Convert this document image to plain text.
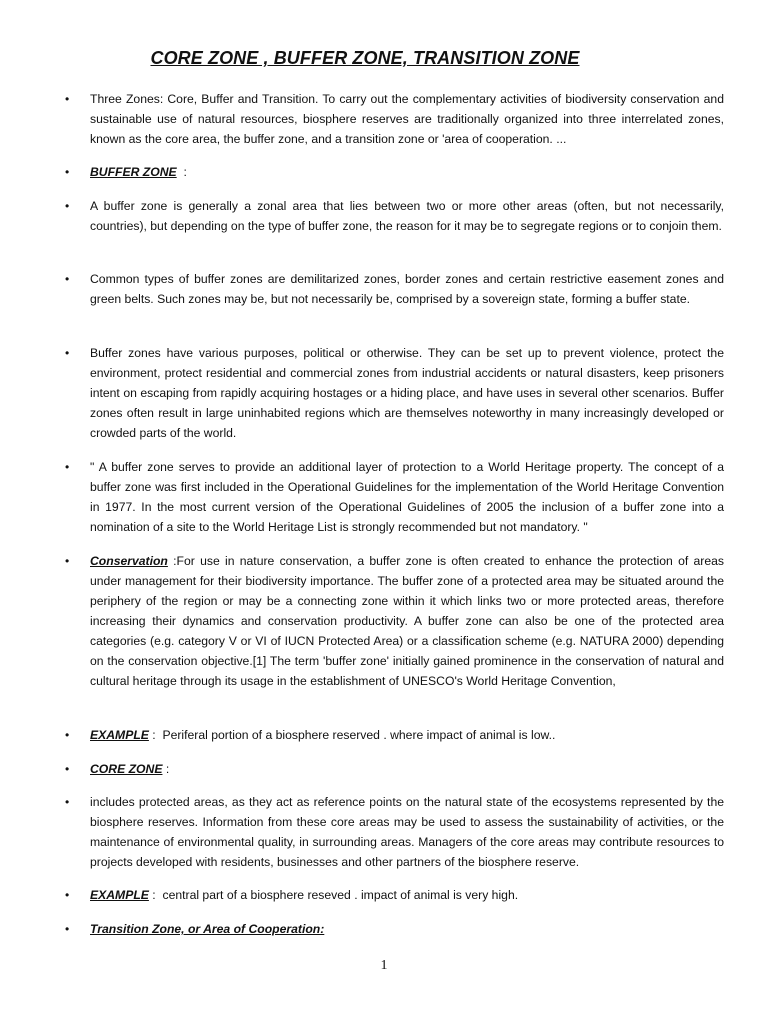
CORE ZONE , BUFFER ZONE, TRANSITION ZONE
•	Three Zones: Core, Buffer and Transition. To carry out the complementary activities of biodiversity conservation and sustainable use of natural resources, biosphere reserves are traditionally organized into three interrelated zones, known as the core area, the buffer zone, and a transition zone or 'area of cooperation. ...
•	BUFFER ZONE  :
•	A buffer zone is generally a zonal area that lies between two or more other areas (often, but not necessarily, countries), but depending on the type of buffer zone, the reason for it may be to segregate regions or to conjoin them.
•	Common types of buffer zones are demilitarized zones, border zones and certain restrictive easement zones and green belts. Such zones may be, but not necessarily be, comprised by a sovereign state, forming a buffer state.
•	Buffer zones have various purposes, political or otherwise. They can be set up to prevent violence, protect the environment, protect residential and commercial zones from industrial accidents or natural disasters, keep prisoners intent on escaping from rapidly acquiring hostages or a hiding place, and have uses in several other scenarios. Buffer zones often result in large uninhabited regions which are themselves noteworthy in many increasingly developed or crowded parts of the world.
•	" A buffer zone serves to provide an additional layer of protection to a World Heritage property. The concept of a buffer zone was first included in the Operational Guidelines for the implementation of the World Heritage Convention in 1977. In the most current version of the Operational Guidelines of 2005 the inclusion of a buffer zone into a nomination of a site to the World Heritage List is strongly recommended but not mandatory. "
•	Conservation :For use in nature conservation, a buffer zone is often created to enhance the protection of areas under management for their biodiversity importance. The buffer zone of a protected area may be situated around the periphery of the region or may be a connecting zone within it which links two or more protected areas, therefore increasing their dynamics and conservation productivity. A buffer zone can also be one of the protected area categories (e.g. category V or VI of IUCN Protected Area) or a classification scheme (e.g. NATURA 2000) depending on the conservation objective.[1] The term 'buffer zone' initially gained prominence in the conservation of natural and cultural heritage through its usage in the establishment of UNESCO's World Heritage Convention,
•	EXAMPLE :  Periferal portion of a biosphere reserved . where impact of animal is low..
•	CORE ZONE :
•	includes protected areas, as they act as reference points on the natural state of the ecosystems represented by the biosphere reserves. Information from these core areas may be used to assess the sustainability of activities, or the maintenance of environmental quality, in surrounding areas. Managers of the core areas may contribute resources to projects developed with residents, businesses and other partners of the biosphere reserve.
•	EXAMPLE :  central part of a biosphere reseved . impact of animal is very high.
•	Transition Zone, or Area of Cooperation:
1
